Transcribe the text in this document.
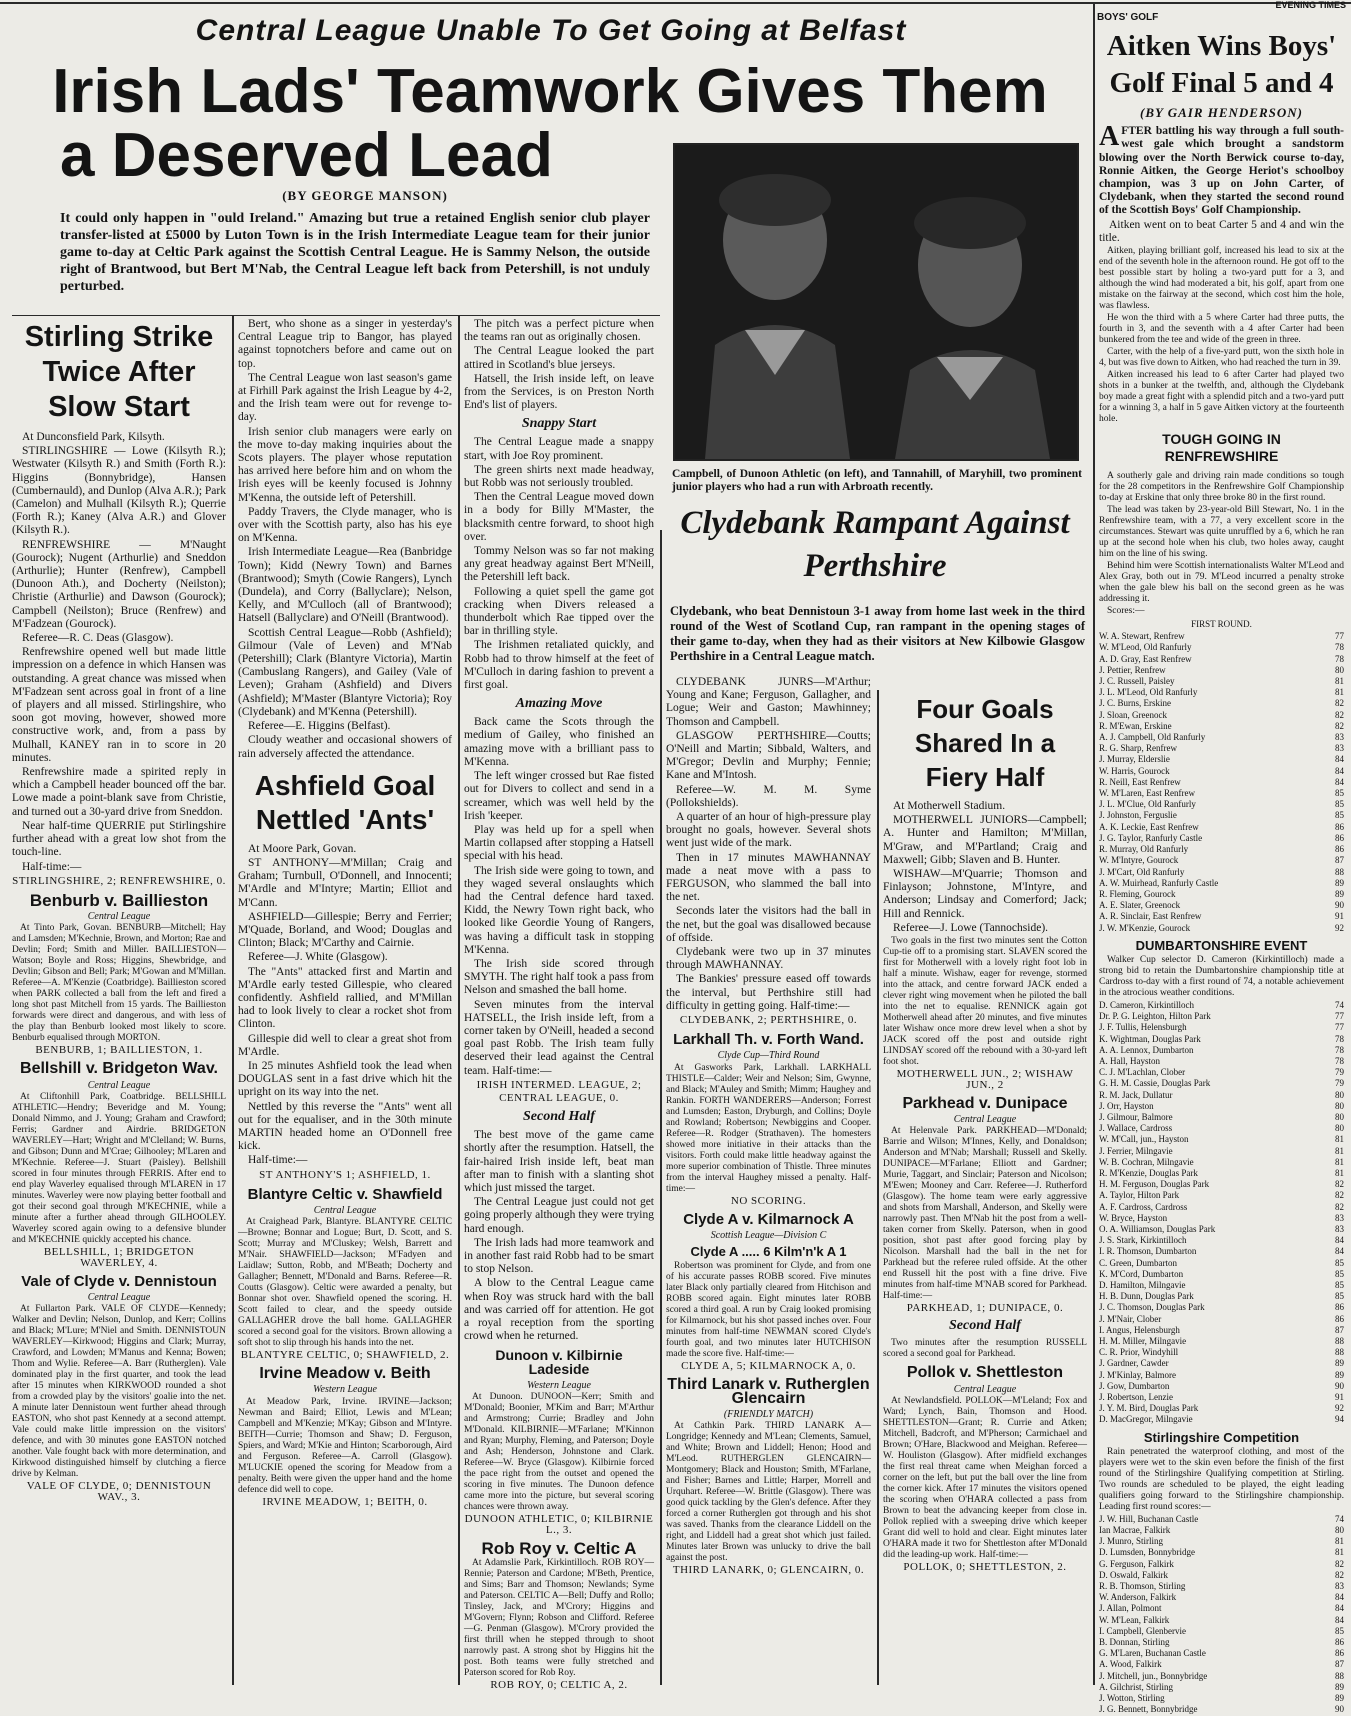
Central League Unable To Get Going at Belfast
Irish Lads' Teamwork Gives Them
a Deserved Lead
(BY GEORGE MANSON)
It could only happen in "ould Ireland." Amazing but true a retained English senior club player transfer-listed at £5000 by Luton Town is in the Irish Intermediate League team for their junior game to-day at Celtic Park against the Scottish Central League. He is Sammy Nelson, the outside right of Brantwood, but Bert M'Nab, the Central League left back from Petershill, is not unduly perturbed.
Stirling Strike Twice After Slow Start

At Dunconsfield Park, Kilsyth.

STIRLINGSHIRE — Lowe (Kilsyth R.); Westwater (Kilsyth R.) and Smith (Forth R.): Higgins (Bonnybridge), Hansen (Cumbernauld), and Dunlop (Alva A.R.); Park (Camelon) and Mulhall (Kilsyth R.); Querrie (Forth R.); Kaney (Alva A.R.) and Glover (Kilsyth R.).

RENFREWSHIRE — M'Naught (Gourock); Nugent (Arthurlie) and Sneddon (Arthurlie); Hunter (Renfrew), Campbell (Dunoon Ath.), and Docherty (Neilston); Christie (Arthurlie) and Dawson (Gourock); Campbell (Neilston); Bruce (Renfrew) and M'Fadzean (Gourock).

Referee—R. C. Deas (Glasgow).

Renfrewshire opened well but made little impression on a defence in which Hansen was outstanding. A great chance was missed when M'Fadzean sent across goal in front of a line of players and all missed. Stirlingshire, who soon got moving, however, showed more constructive work, and, from a pass by Mulhall, KANEY ran in to score in 20 minutes.

Renfrewshire made a spirited reply in which a Campbell header bounced off the bar. Lowe made a point-blank save from Christie, and turned out a 30-yard drive from Sneddon.

Near half-time QUERRIE put Stirlingshire further ahead with a great low shot from the touch-line.

Half-time:—

STIRLINGSHIRE, 2; RENFREWSHIRE, 0.

Benburb v. Baillieston
Central League

At Tinto Park, Govan. BENBURB—Mitchell; Hay and Lamsden; M'Kechnie, Brown, and Morton; Rae and Devlin; Ford; Smith and Miller. BAILLIESTON—Watson; Boyle and Ross; Higgins, Shewbridge, and Devlin; Gibson and Bell; Park; M'Gowan and M'Millan. Referee—A. M'Kenzie (Coatbridge). Baillieston scored when PARK collected a ball from the left and fired a long shot past Mitchell from 15 yards. The Baillieston forwards were direct and dangerous, and with less of the play than Benburb looked most likely to score. Benburb equalised through MORTON.

BENBURB, 1; BAILLIESTON, 1.

Bellshill v. Bridgeton Wav.
Central League

At Cliftonhill Park, Coatbridge. BELLSHILL ATHLETIC—Hendry; Beveridge and M. Young; Donald Nimmo, and J. Young; Graham and Crawford; Ferris; Gardner and Airdrie. BRIDGETON WAVERLEY—Hart; Wright and M'Clelland; W. Burns, and Gibson; Dunn and M'Crae; Gilhooley; M'Laren and M'Kechnie. Referee—J. Stuart (Paisley). Bellshill scored in four minutes through FERRIS. After end to end play Waverley equalised through M'LAREN in 17 minutes. Waverley were now playing better football and got their second goal through M'KECHNIE, while a minute after a further ahead through GILHOOLEY. Waverley scored again owing to a defensive blunder and M'KECHNIE quickly accepted his chance.

BELLSHILL, 1; BRIDGETON WAVERLEY, 4.

Vale of Clyde v. Dennistoun
Central League

At Fullarton Park. VALE OF CLYDE—Kennedy; Walker and Devlin; Nelson, Dunlop, and Kerr; Collins and Black; M'Lure; M'Niel and Smith. DENNISTOUN WAVERLEY—Kirkwood; Higgins and Clark; Murray, Crawford, and Lowden; M'Manus and Kenna; Bowen; Thom and Wylie. Referee—A. Barr (Rutherglen). Vale dominated play in the first quarter, and took the lead after 15 minutes when KIRKWOOD rounded a shot from a crowded play by the visitors' goalie into the net. A minute later Dennistoun went further ahead through EASTON, who shot past Kennedy at a second attempt. Vale could make little impression on the visitors' defence, and with 30 minutes gone EASTON notched another. Vale fought back with more determination, and Kirkwood distinguished himself by clutching a fierce drive by Kelman.

VALE OF CLYDE, 0; DENNISTOUN WAV., 3.

Bert, who shone as a singer in yesterday's Central League trip to Bangor, has played against topnotchers before and came out on top.

The Central League won last season's game at Firhill Park against the Irish League by 4-2, and the Irish team were out for revenge to-day.

Irish senior club managers were early on the move to-day making inquiries about the Scots players. The player whose reputation has arrived here before him and on whom the Irish eyes will be keenly focused is Johnny M'Kenna, the outside left of Petershill.

Paddy Travers, the Clyde manager, who is over with the Scottish party, also has his eye on M'Kenna.

Irish Intermediate League—Rea (Banbridge Town); Kidd (Newry Town) and Barnes (Brantwood); Smyth (Cowie Rangers), Lynch (Dundela), and Corry (Ballyclare); Nelson, Kelly, and M'Culloch (all of Brantwood); Hatsell (Ballyclare) and O'Neill (Brantwood).

Scottish Central League—Robb (Ashfield); Gilmour (Vale of Leven) and M'Nab (Petershill); Clark (Blantyre Victoria), Martin (Cambuslang Rangers), and Gailey (Vale of Leven); Graham (Ashfield) and Divers (Ashfield); M'Master (Blantyre Victoria); Roy (Clydebank) and M'Kenna (Petershill).

Referee—E. Higgins (Belfast).

Cloudy weather and occasional showers of rain adversely affected the attendance.

Ashfield Goal Nettled 'Ants'

At Moore Park, Govan.

ST ANTHONY—M'Millan; Craig and Graham; Turnbull, O'Donnell, and Innocenti; M'Ardle and M'Intyre; Martin; Elliot and M'Cann.

ASHFIELD—Gillespie; Berry and Ferrier; M'Quade, Borland, and Wood; Douglas and Clinton; Black; M'Carthy and Cairnie.

Referee—J. White (Glasgow).

The "Ants" attacked first and Martin and M'Ardle early tested Gillespie, who cleared confidently. Ashfield rallied, and M'Millan had to look lively to clear a rocket shot from Clinton.

Gillespie did well to clear a great shot from M'Ardle.

In 25 minutes Ashfield took the lead when DOUGLAS sent in a fast drive which hit the upright on its way into the net.

Nettled by this reverse the "Ants" went all out for the equaliser, and in the 30th minute MARTIN headed home an O'Donnell free kick.

Half-time:—

ST ANTHONY'S 1; ASHFIELD, 1.

Blantyre Celtic v. Shawfield
Central League

At Craighead Park, Blantyre. BLANTYRE CELTIC—Browne; Bonnar and Logue; Burt, D. Scott, and S. Scott; Murray and M'Cluskey; Welsh, Barrett and M'Nair. SHAWFIELD—Jackson; M'Fadyen and Laidlaw; Sutton, Robb, and M'Beath; Docherty and Gallagher; Bennett, M'Donald and Barns. Referee—R. Coutts (Glasgow). Celtic were awarded a penalty, but Bonnar shot over. Shawfield opened the scoring. H. Scott failed to clear, and the speedy outside GALLAGHER drove the ball home. GALLAGHER scored a second goal for the visitors. Brown allowing a soft shot to slip through his hands into the net.

BLANTYRE CELTIC, 0; SHAWFIELD, 2.

Irvine Meadow v. Beith
Western League

At Meadow Park, Irvine. IRVINE—Jackson; Newman and Baird; Elliot, Lewis and M'Lean; Campbell and M'Kenzie; M'Kay; Gibson and M'Intyre. BEITH—Currie; Thomson and Shaw; D. Ferguson, Spiers, and Ward; M'Kie and Hinton; Scarborough, Aird and Ferguson. Referee—A. Carroll (Glasgow). M'LUCKIE opened the scoring for Meadow from a penalty. Beith were given the upper hand and the home defence did well to cope.

IRVINE MEADOW, 1; BEITH, 0.

The pitch was a perfect picture when the teams ran out as originally chosen.

The Central League looked the part attired in Scotland's blue jerseys.

Hatsell, the Irish inside left, on leave from the Services, is on Preston North End's list of players.

Snappy Start

The Central League made a snappy start, with Joe Roy prominent.

The green shirts next made headway, but Robb was not seriously troubled.

Then the Central League moved down in a body for Billy M'Master, the blacksmith centre forward, to shoot high over.

Tommy Nelson was so far not making any great headway against Bert M'Neill, the Petershill left back.

Following a quiet spell the game got cracking when Divers released a thunderbolt which Rae tipped over the bar in thrilling style.

The Irishmen retaliated quickly, and Robb had to throw himself at the feet of M'Culloch in daring fashion to prevent a first goal.

Amazing Move

Back came the Scots through the medium of Gailey, who finished an amazing move with a brilliant pass to M'Kenna.

The left winger crossed but Rae fisted out for Divers to collect and send in a screamer, which was well held by the Irish 'keeper.

Play was held up for a spell when Martin collapsed after stopping a Hatsell special with his head.

The Irish side were going to town, and they waged several onslaughts which had the Central defence hard taxed. Kidd, the Newry Town right back, who looked like Geordie Young of Rangers, was having a difficult task in stopping M'Kenna.

The Irish side scored through SMYTH. The right half took a pass from Nelson and smashed the ball home.

Seven minutes from the interval HATSELL, the Irish inside left, from a corner taken by O'Neill, headed a second goal past Robb. The Irish team fully deserved their lead against the Central team. Half-time:—

IRISH INTERMED. LEAGUE, 2; CENTRAL LEAGUE, 0.

Second Half

The best move of the game came shortly after the resumption. Hatsell, the fair-haired Irish inside left, beat man after man to finish with a slanting shot which just missed the target.

The Central League just could not get going properly although they were trying hard enough.

The Irish lads had more teamwork and in another fast raid Robb had to be smart to stop Nelson.

A blow to the Central League came when Roy was struck hard with the ball and was carried off for attention. He got a royal reception from the sporting crowd when he returned.

Dunoon v. Kilbirnie Ladeside
Western League

At Dunoon. DUNOON—Kerr; Smith and M'Donald; Boonier, M'Kim and Barr; M'Arthur and Armstrong; Currie; Bradley and John M'Donald. KILBIRNIE—M'Farlane; M'Kinnon and Ryan; Murphy, Fleming, and Paterson; Doyle and Ash; Henderson, Johnstone and Clark. Referee—W. Bryce (Glasgow). Kilbirnie forced the pace right from the outset and opened the scoring in five minutes. The Dunoon defence came more into the picture, but several scoring chances were thrown away.

DUNOON ATHLETIC, 0; KILBIRNIE L., 3.

Rob Roy v. Celtic A

At Adamslie Park, Kirkintilloch. ROB ROY—Rennie; Paterson and Cardone; M'Beth, Prentice, and Sims; Barr and Thomson; Newlands; Syme and Paterson. CELTIC A—Bell; Duffy and Rollo; Tinsley, Jack, and M'Crory; Higgins and M'Govern; Flynn; Robson and Clifford. Referee—G. Penman (Glasgow). M'Crory provided the first thrill when he stepped through to shoot narrowly past. A strong shot by Higgins hit the post. Both teams were fully stretched and Paterson scored for Rob Roy.

ROB ROY, 0; CELTIC A, 2.

Campbell, of Dunoon Athletic (on left), and Tannahill, of Maryhill, two prominent junior players who had a run with Arbroath recently.
Clydebank Rampant Against Perthshire
Clydebank, who beat Dennistoun 3-1 away from home last week in the third round of the West of Scotland Cup, ran rampant in the opening stages of their game to-day, when they had as their visitors at New Kilbowie Glasgow Perthshire in a Central League match.

CLYDEBANK JUNRS—M'Arthur; Young and Kane; Ferguson, Gallagher, and Logue; Weir and Gaston; Mawhinney; Thomson and Campbell.

GLASGOW PERTHSHIRE—Coutts; O'Neill and Martin; Sibbald, Walters, and M'Gregor; Devlin and Murphy; Fennie; Kane and M'Intosh.

Referee—W. M. M. Syme (Pollokshields).

A quarter of an hour of high-pressure play brought no goals, however. Several shots went just wide of the mark.

Then in 17 minutes MAWHANNAY made a neat move with a pass to FERGUSON, who slammed the ball into the net.

Seconds later the visitors had the ball in the net, but the goal was disallowed because of offside.

Clydebank were two up in 37 minutes through MAWHANNAY.

The Bankies' pressure eased off towards the interval, but Perthshire still had difficulty in getting going. Half-time:—

CLYDEBANK, 2; PERTHSHIRE, 0.

Larkhall Th. v. Forth Wand.
Clyde Cup—Third Round

At Gasworks Park, Larkhall. LARKHALL THISTLE—Calder; Weir and Nelson; Sim, Gwynne, and Black; M'Auley and Smith; Mimm; Haughey and Rankin. FORTH WANDERERS—Anderson; Forrest and Lumsden; Easton, Dryburgh, and Collins; Doyle and Rowland; Robertson; Newbiggins and Cooper. Referee—R. Rodger (Strathaven). The homesters showed more initiative in their attacks than the visitors. Forth could make little headway against the more superior combination of Thistle. Three minutes from the interval Haughey missed a penalty. Half-time:—

NO SCORING.

Clyde A v. Kilmarnock A
Scottish League—Division C
Clyde A ..... 6 Kilm'n'k A 1

Robertson was prominent for Clyde, and from one of his accurate passes ROBB scored. Five minutes later Black only partially cleared from Hitchison and ROBB scored again. Eight minutes later ROBB scored a third goal. A run by Craig looked promising for Kilmarnock, but his shot passed inches over. Four minutes from half-time NEWMAN scored Clyde's fourth goal, and two minutes later HUTCHISON made the score five. Half-time:—

CLYDE A, 5; KILMARNOCK A, 0.

Third Lanark v. Rutherglen Glencairn
(FRIENDLY MATCH)

At Cathkin Park. THIRD LANARK A—Longridge; Kennedy and M'Lean; Clements, Samuel, and White; Brown and Liddell; Henon; Hood and M'Leod. RUTHERGLEN GLENCAIRN—Montgomery; Black and Houston; Smith, M'Farlane, and Fisher; Barnes and Little; Harper, Morrell and Urquhart. Referee—W. Brittle (Glasgow). There was good quick tackling by the Glen's defence. After they forced a corner Rutherglen got through and his shot was saved. Thanks from the clearance Liddell on the right, and Liddell had a great shot which just failed. Minutes later Brown was unlucky to drive the ball against the post.

THIRD LANARK, 0; GLENCAIRN, 0.

Four Goals Shared In a Fiery Half

At Motherwell Stadium.

MOTHERWELL JUNIORS—Campbell; A. Hunter and Hamilton; M'Millan, M'Graw, and M'Partland; Craig and Maxwell; Gibb; Slaven and B. Hunter.

WISHAW—M'Quarrie; Thomson and Finlayson; Johnstone, M'Intyre, and Anderson; Lindsay and Comerford; Jack; Hill and Rennick.

Referee—J. Lowe (Tannochside).

Two goals in the first two minutes sent the Cotton Cup-tie off to a promising start. SLAVEN scored the first for Motherwell with a lovely right foot lob in half a minute. Wishaw, eager for revenge, stormed into the attack, and centre forward JACK ended a clever right wing movement when he piloted the ball into the net to equalise. RENNICK again got Motherwell ahead after 20 minutes, and five minutes later Wishaw once more drew level when a shot by JACK scored off the post and outside right LINDSAY scored off the rebound with a 30-yard left foot shot.

MOTHERWELL JUN., 2; WISHAW JUN., 2

Parkhead v. Dunipace
Central League

At Helenvale Park. PARKHEAD—M'Donald; Barrie and Wilson; M'Innes, Kelly, and Donaldson; Anderson and M'Nab; Marshall; Russell and Skelly. DUNIPACE—M'Farlane; Elliott and Gardner; Murie, Taggart, and Sinclair; Paterson and Nicolson; M'Ewen; Mooney and Carr. Referee—J. Rutherford (Glasgow). The home team were early aggressive and shots from Marshall, Anderson, and Skelly were narrowly past. Then M'Nab hit the post from a well-taken corner from Skelly. Paterson, when in good position, shot past after good forcing play by Nicolson. Marshall had the ball in the net for Parkhead but the referee ruled offside. At the other end Russell hit the post with a fine drive. Five minutes from half-time M'NAB scored for Parkhead. Half-time:—

PARKHEAD, 1; DUNIPACE, 0.

Second Half

Two minutes after the resumption RUSSELL scored a second goal for Parkhead.

Pollok v. Shettleston
Central League

At Newlandsfield. POLLOK—M'Leland; Fox and Ward; Lynch, Bain, Thomson and Hood. SHETTLESTON—Grant; R. Currie and Atken; Mitchell, Badcroft, and M'Pherson; Carmichael and Brown; O'Hare, Blackwood and Meighan. Referee—W. Houliston (Glasgow). After midfield exchanges the first real threat came when Meighan forced a corner on the left, but put the ball over the line from the corner kick. After 17 minutes the visitors opened the scoring when O'HARA collected a pass from Brown to beat the advancing keeper from close in. Pollok replied with a sweeping drive which keeper Grant did well to hold and clear. Eight minutes later O'HARA made it two for Shettleston after M'Donald did the leading-up work. Half-time:—

POLLOK, 0; SHETTLESTON, 2.

BOYS' GOLF
EVENING TIMES
Aitken Wins Boys' Golf Final 5 and 4
(BY GAIR HENDERSON)

AFTER battling his way through a full south-west gale which brought a sandstorm blowing over the North Berwick course to-day, Ronnie Aitken, the George Heriot's schoolboy champion, was 3 up on John Carter, of Clydebank, when they started the second round of the Scottish Boys' Golf Championship.

Aitken went on to beat Carter 5 and 4 and win the title.

Aitken, playing brilliant golf, increased his lead to six at the end of the seventh hole in the afternoon round. He got off to the best possible start by holing a two-yard putt for a 3, and although the wind had moderated a bit, his golf, apart from one mistake on the fairway at the second, which cost him the hole, was flawless.

He won the third with a 5 where Carter had three putts, the fourth in 3, and the seventh with a 4 after Carter had been bunkered from the tee and wide of the green in three.

Carter, with the help of a five-yard putt, won the sixth hole in 4, but was five down to Aitken, who had reached the turn in 39.

Aitken increased his lead to 6 after Carter had played two shots in a bunker at the twelfth, and, although the Clydebank boy made a great fight with a splendid pitch and a two-yard putt for a winning 3, a half in 5 gave Aitken victory at the fourteenth hole.

TOUGH GOING IN RENFREWSHIRE

A southerly gale and driving rain made conditions so tough for the 28 competitors in the Renfrewshire Golf Championship to-day at Erskine that only three broke 80 in the first round.

The lead was taken by 23-year-old Bill Stewart, No. 1 in the Renfrewshire team, with a 77, a very excellent score in the circumstances. Stewart was quite unruffled by a 6, which he ran up at the second hole when his club, two holes away, caught him on the line of his swing.

Behind him were Scottish internationalists Walter M'Leod and Alex Gray, both out in 79. M'Leod incurred a penalty stroke when the gale blew his ball on the second green as he was addressing it.

Scores:—

FIRST ROUND.
W. A. Stewart, Renfrew	77
W. M'Leod, Old Ranfurly	78
A. D. Gray, East Renfrew	78
J. Pettier, Renfrew	80
J. C. Russell, Paisley	81
J. L. M'Leod, Old Ranfurly	81
J. C. Burns, Erskine	82
J. Sloan, Greenock	82
R. M'Ewan, Erskine	82
A. J. Campbell, Old Ranfurly	83
R. G. Sharp, Renfrew	83
J. Murray, Elderslie	84
W. Harris, Gourock	84
R. Neill, East Renfrew	84
W. M'Laren, East Renfrew	85
J. L. M'Clue, Old Ranfurly	85
J. Johnston, Ferguslie	85
A. K. Leckie, East Renfrew	86
J. G. Taylor, Ranfurly Castle	86
R. Murray, Old Ranfurly	86
W. M'Intyre, Gourock	87
J. M'Cart, Old Ranfurly	88
A. W. Muirhead, Ranfurly Castle	89
R. Fleming, Gourock	89
A. E. Slater, Greenock	90
A. R. Sinclair, East Renfrew	91
J. W. M'Kenzie, Gourock	92
DUMBARTONSHIRE EVENT

Walker Cup selector D. Cameron (Kirkintilloch) made a strong bid to retain the Dumbartonshire championship title at Cardross to-day with a first round of 74, a notable achievement in the atrocious weather conditions.

D. Cameron, Kirkintilloch	74
Dr. P. G. Leighton, Hilton Park	77
J. F. Tullis, Helensburgh	77
K. Wightman, Douglas Park	78
A. A. Lennox, Dumbarton	78
A. Hall, Hayston	78
C. J. M'Lachlan, Clober	79
G. H. M. Cassie, Douglas Park	79
R. M. Jack, Dullatur	80
J. Orr, Hayston	80
J. Gilmour, Balmore	80
J. Wallace, Cardross	80
W. M'Call, jun., Hayston	81
J. Ferrier, Milngavie	81
W. B. Cochran, Milngavie	81
R. M'Kenzie, Douglas Park	81
H. M. Ferguson, Douglas Park	82
A. Taylor, Hilton Park	82
A. F. Cardross, Cardross	82
W. Bryce, Hayston	83
O. A. Williamson, Douglas Park	83
J. S. Stark, Kirkintilloch	84
I. R. Thomson, Dumbarton	84
C. Green, Dumbarton	85
K. M'Cord, Dumbarton	85
D. Hamilton, Milngavie	85
H. B. Dunn, Douglas Park	85
J. C. Thomson, Douglas Park	86
J. M'Nair, Clober	86
I. Angus, Helensburgh	87
H. M. Miller, Milngavie	88
C. R. Prior, Windyhill	88
J. Gardner, Cawder	89
J. M'Kinlay, Balmore	89
J. Gow, Dumbarton	90
J. Robertson, Lenzie	91
J. Y. M. Bird, Douglas Park	92
D. MacGregor, Milngavie	94
Stirlingshire Competition

Rain penetrated the waterproof clothing, and most of the players were wet to the skin even before the finish of the first round of the Stirlingshire Qualifying competition at Stirling. Two rounds are scheduled to be played, the eight leading qualifiers going forward to the Stirlingshire championship. Leading first round scores:—

J. W. Hill, Buchanan Castle	74
Ian Macrae, Falkirk	80
J. Munro, Stirling	81
D. Lumsden, Bonnybridge	81
G. Ferguson, Falkirk	82
D. Oswald, Falkirk	82
R. B. Thomson, Stirling	83
W. Anderson, Falkirk	84
J. Allan, Polmont	84
W. M'Lean, Falkirk	84
I. Campbell, Glenbervie	85
B. Donnan, Stirling	86
G. M'Laren, Buchanan Castle	86
A. Wood, Falkirk	87
J. Mitchell, jun., Bonnybridge	88
A. Gilchrist, Stirling	89
J. Wotton, Stirling	89
J. G. Bennett, Bonnybridge	90
